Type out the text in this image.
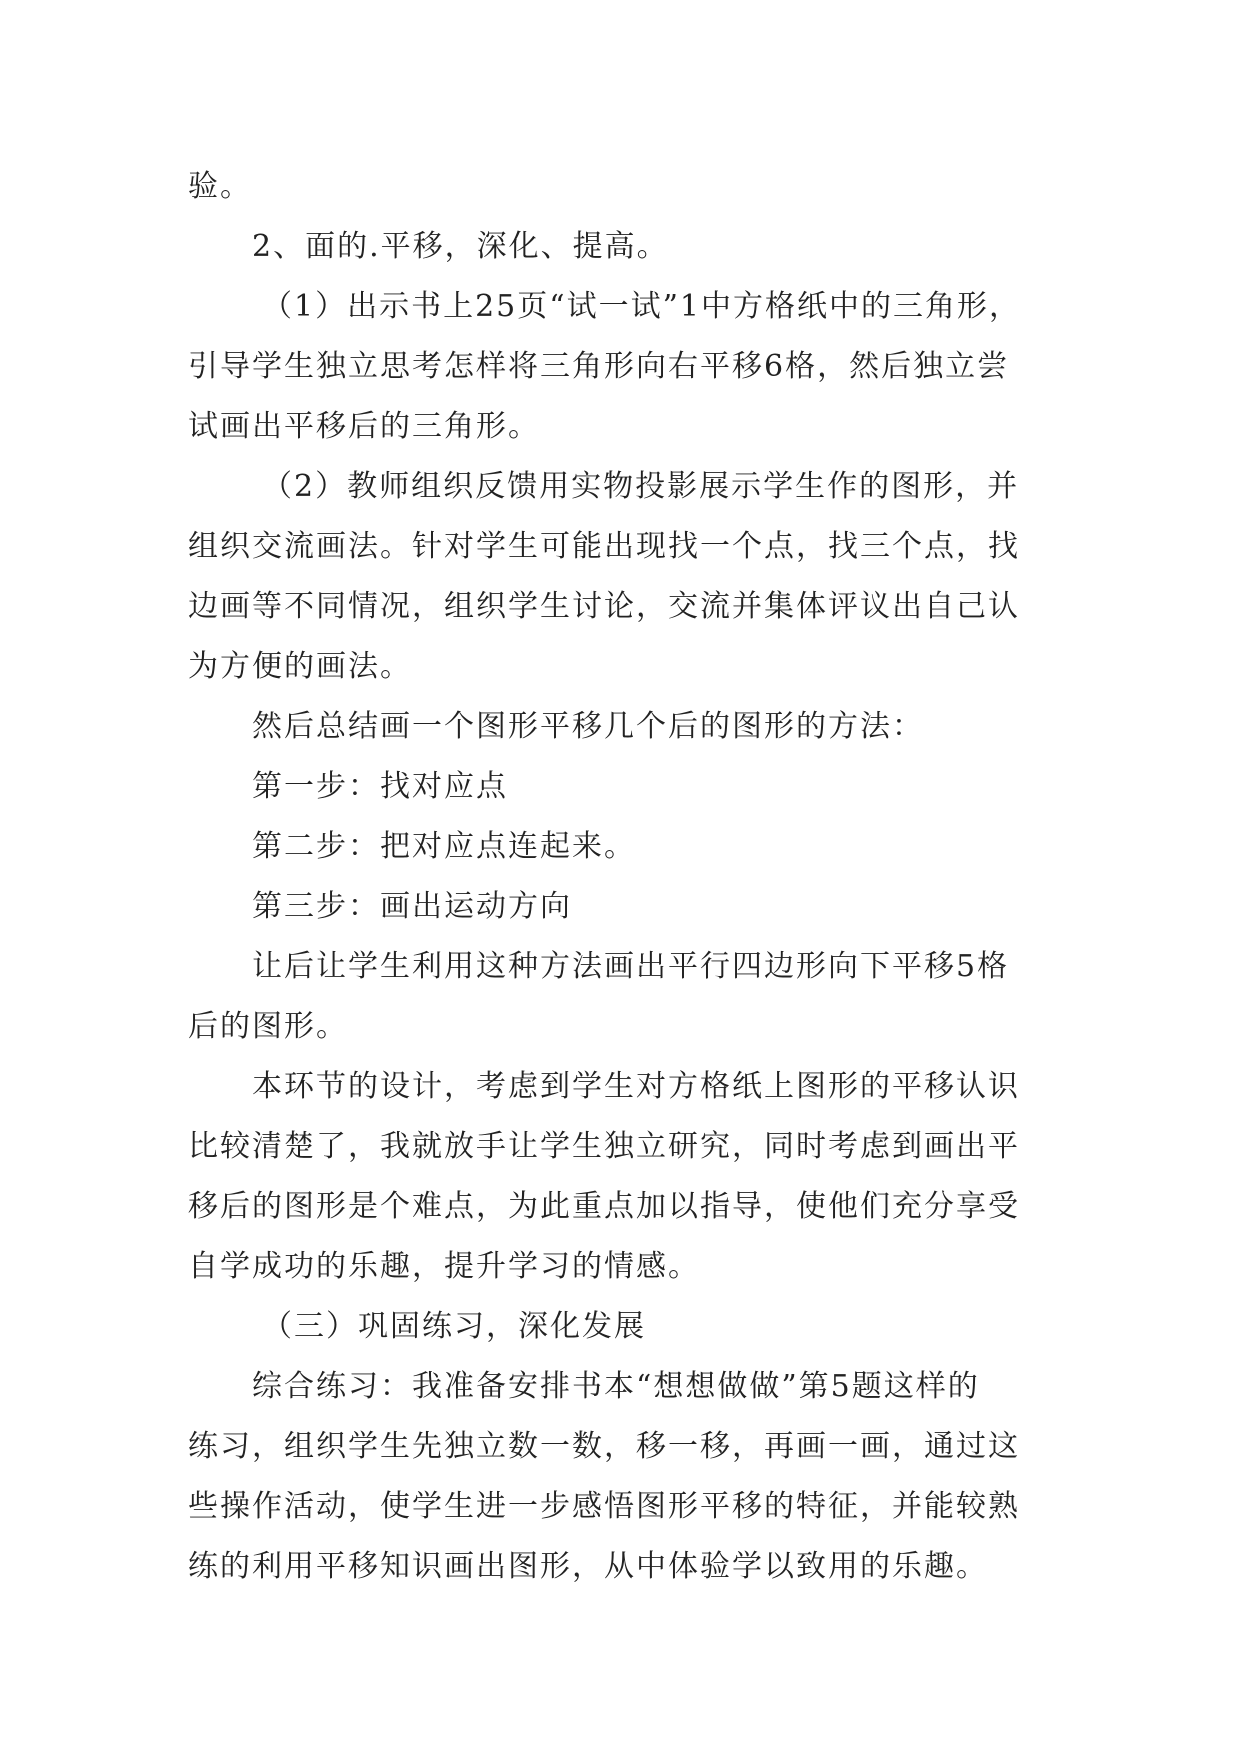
验。
2、面的.平移，深化、提高。
（1）出示书上25页“试一试”1中方格纸中的三角形，
引导学生独立思考怎样将三角形向右平移6格，然后独立尝
试画出平移后的三角形。
（2）教师组织反馈用实物投影展示学生作的图形，并
组织交流画法。针对学生可能出现找一个点，找三个点，找
边画等不同情况，组织学生讨论，交流并集体评议出自己认
为方便的画法。
然后总结画一个图形平移几个后的图形的方法：
第一步：找对应点
第二步：把对应点连起来。
第三步：画出运动方向
让后让学生利用这种方法画出平行四边形向下平移5格
后的图形。
本环节的设计，考虑到学生对方格纸上图形的平移认识
比较清楚了，我就放手让学生独立研究，同时考虑到画出平
移后的图形是个难点，为此重点加以指导，使他们充分享受
自学成功的乐趣，提升学习的情感。
（三）巩固练习，深化发展
综合练习：我准备安排书本“想想做做”第5题这样的
练习，组织学生先独立数一数，移一移，再画一画，通过这
些操作活动，使学生进一步感悟图形平移的特征，并能较熟
练的利用平移知识画出图形，从中体验学以致用的乐趣。
